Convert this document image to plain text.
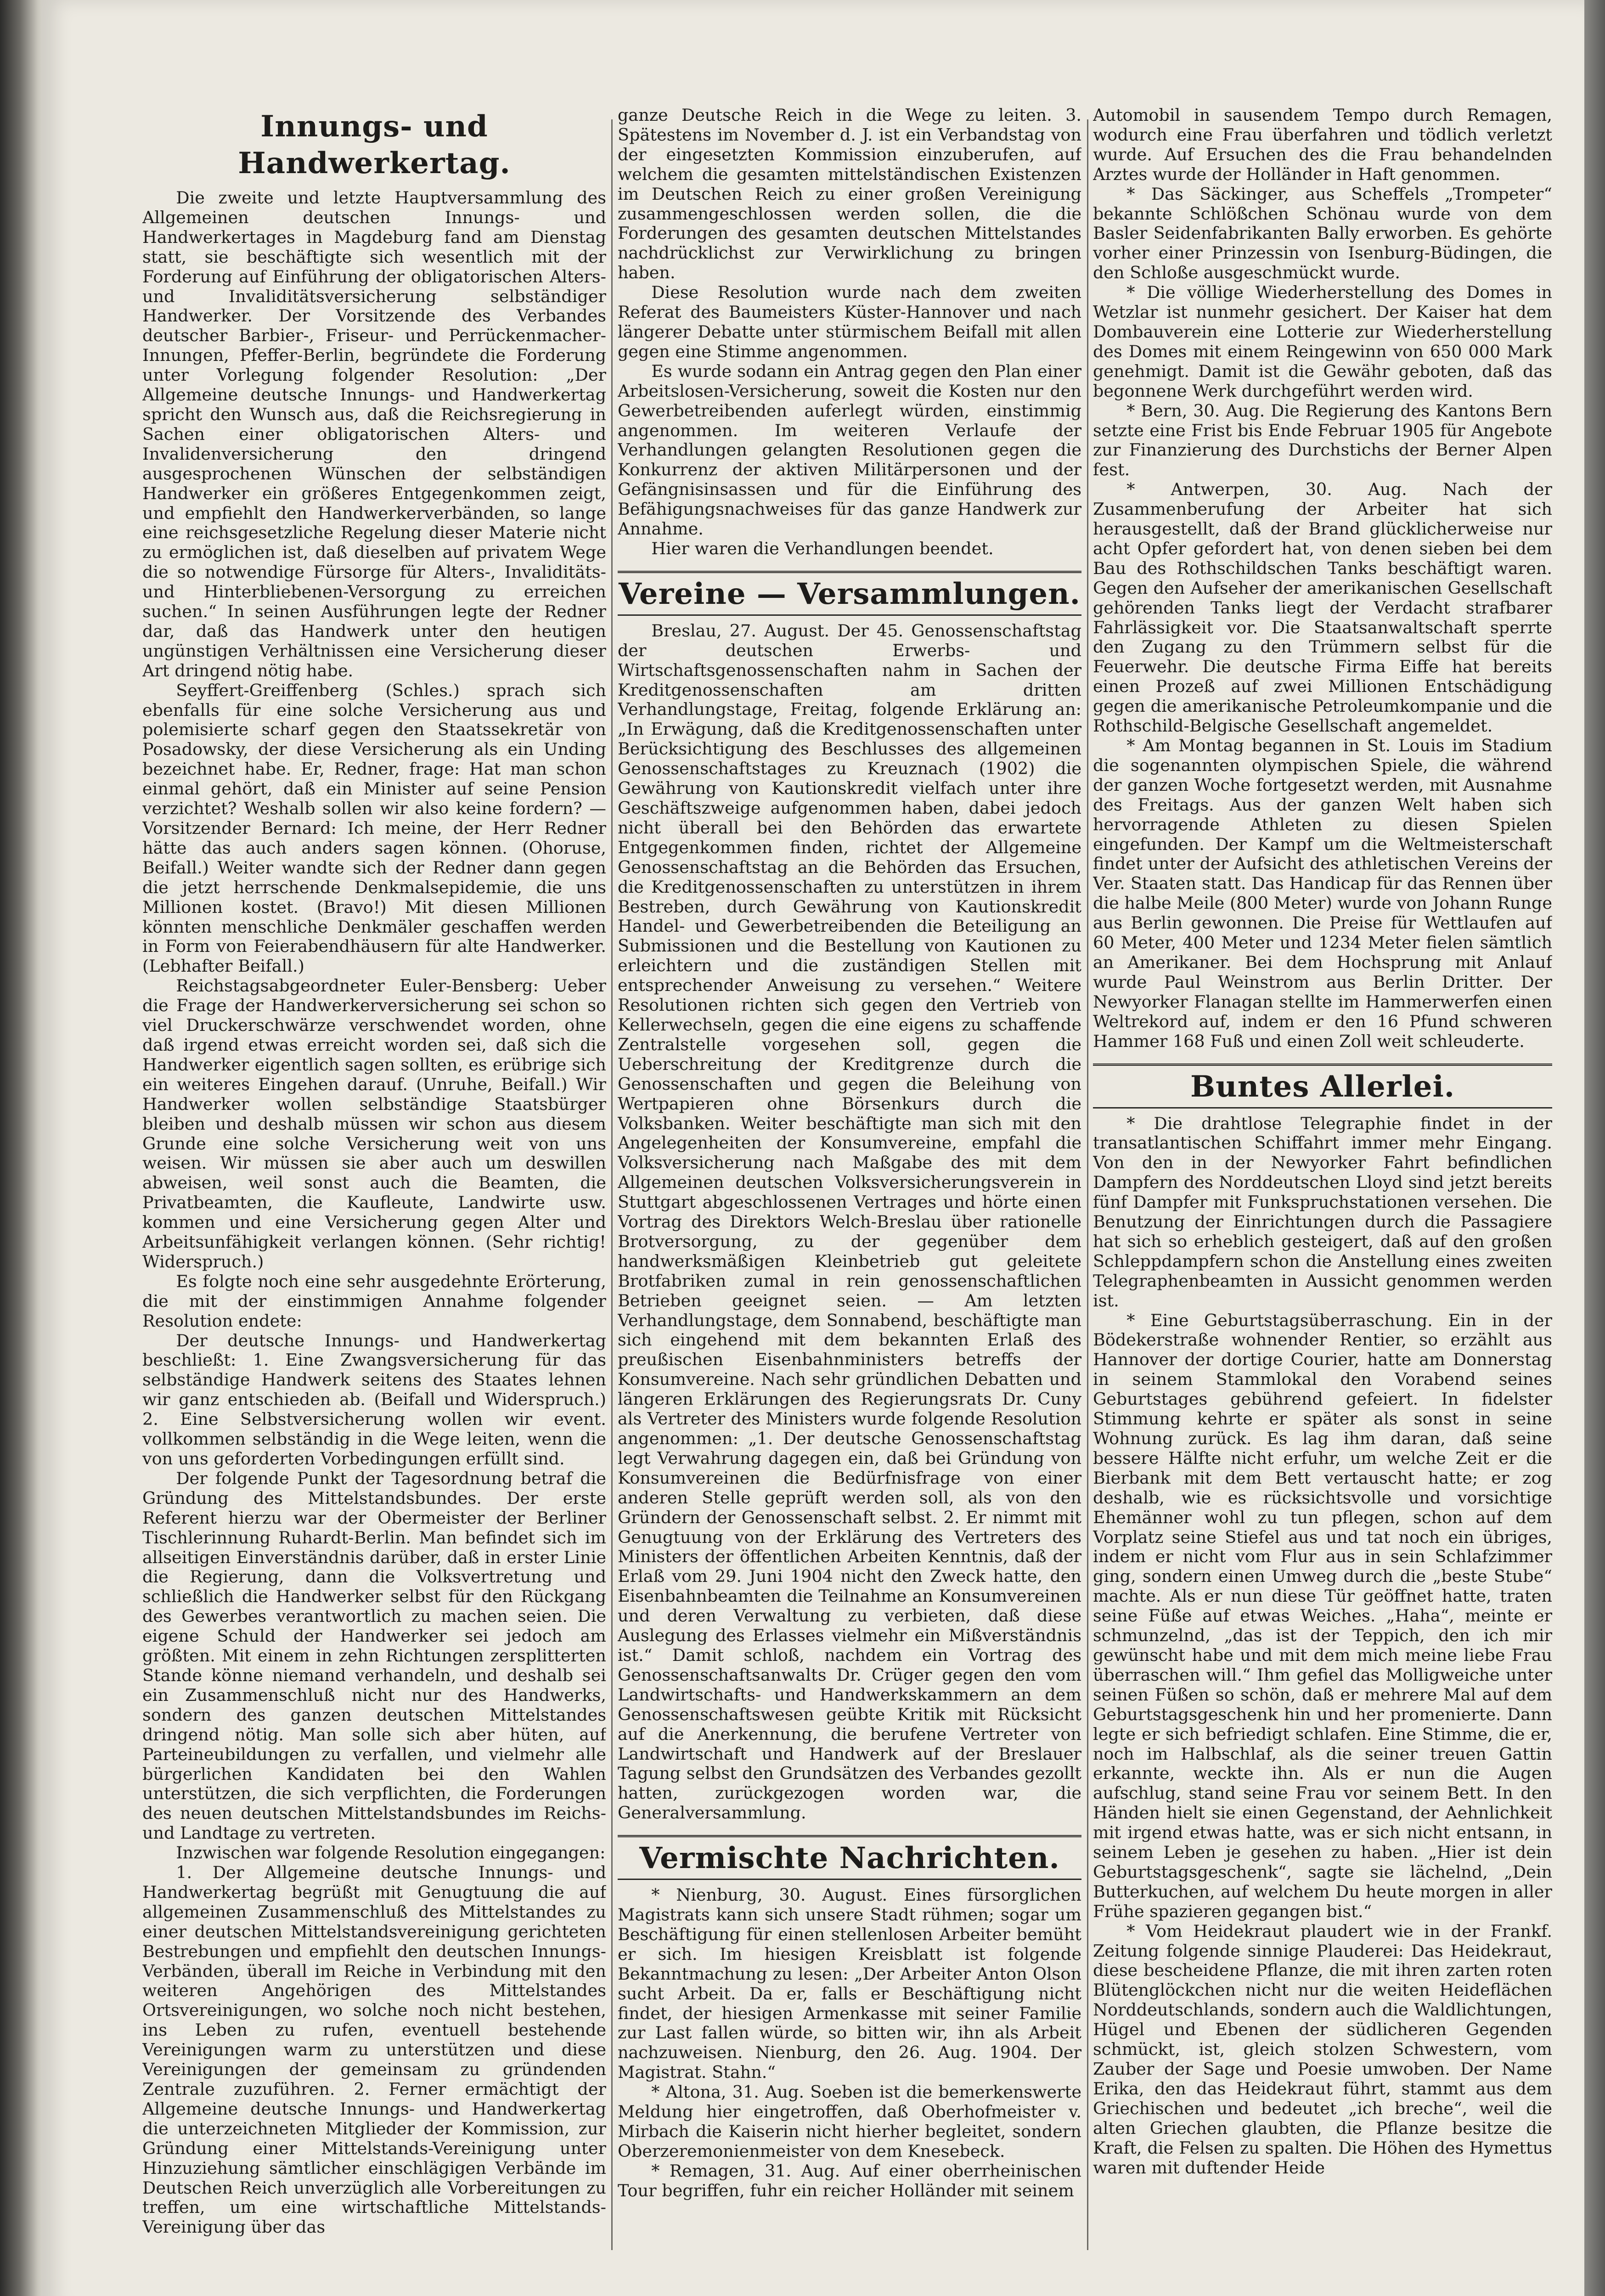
Innungs- und Handwerkertag.

Die zweite und letzte Hauptversammlung des Allgemeinen deutschen Innungs- und Handwerkertages in Magdeburg fand am Dienstag statt, sie beschäftigte sich wesentlich mit der Forderung auf Einführung der obligatorischen Alters- und Invaliditätsversicherung selbständiger Handwerker. Der Vorsitzende des Verbandes deutscher Barbier-, Friseur- und Perrückenmacher-Innungen, Pfeffer-Berlin, begründete die Forderung unter Vorlegung folgender Resolution: „Der Allgemeine deutsche Innungs- und Handwerkertag spricht den Wunsch aus, daß die Reichsregierung in Sachen einer obligatorischen Alters- und Invalidenversicherung den dringend ausgesprochenen Wünschen der selbständigen Handwerker ein größeres Entgegenkommen zeigt, und empfiehlt den Handwerkerverbänden, so lange eine reichsgesetzliche Regelung dieser Materie nicht zu ermöglichen ist, daß dieselben auf privatem Wege die so notwendige Fürsorge für Alters-, Invaliditäts- und Hinterbliebenen-Versorgung zu erreichen suchen.“ In seinen Ausführungen legte der Redner dar, daß das Handwerk unter den heutigen ungünstigen Verhältnissen eine Versicherung dieser Art dringend nötig habe.

Seyffert-Greiffenberg (Schles.) sprach sich ebenfalls für eine solche Versicherung aus und polemisierte scharf gegen den Staatssekretär von Posadowsky, der diese Versicherung als ein Unding bezeichnet habe. Er, Redner, frage: Hat man schon einmal gehört, daß ein Minister auf seine Pension verzichtet? Weshalb sollen wir also keine fordern? — Vorsitzender Bernard: Ich meine, der Herr Redner hätte das auch anders sagen können. (Ohoruse, Beifall.) Weiter wandte sich der Redner dann gegen die jetzt herrschende Denkmalsepidemie, die uns Millionen kostet. (Bravo!) Mit diesen Millionen könnten menschliche Denkmäler geschaffen werden in Form von Feierabendhäusern für alte Handwerker. (Lebhafter Beifall.)

Reichstagsabgeordneter Euler-Bensberg: Ueber die Frage der Handwerkerversicherung sei schon so viel Druckerschwärze verschwendet worden, ohne daß irgend etwas erreicht worden sei, daß sich die Handwerker eigentlich sagen sollten, es erübrige sich ein weiteres Eingehen darauf. (Unruhe, Beifall.) Wir Handwerker wollen selbständige Staatsbürger bleiben und deshalb müssen wir schon aus diesem Grunde eine solche Versicherung weit von uns weisen. Wir müssen sie aber auch um deswillen abweisen, weil sonst auch die Beamten, die Privatbeamten, die Kaufleute, Landwirte usw. kommen und eine Versicherung gegen Alter und Arbeitsunfähigkeit verlangen können. (Sehr richtig! Widerspruch.)

Es folgte noch eine sehr ausgedehnte Erörterung, die mit der einstimmigen Annahme folgender Resolution endete:

Der deutsche Innungs- und Handwerkertag beschließt: 1. Eine Zwangsversicherung für das selbständige Handwerk seitens des Staates lehnen wir ganz entschieden ab. (Beifall und Widerspruch.) 2. Eine Selbstversicherung wollen wir event. vollkommen selbständig in die Wege leiten, wenn die von uns geforderten Vorbedingungen erfüllt sind.

Der folgende Punkt der Tagesordnung betraf die Gründung des Mittelstandsbundes. Der erste Referent hierzu war der Obermeister der Berliner Tischlerinnung Ruhardt-Berlin. Man befindet sich im allseitigen Einverständnis darüber, daß in erster Linie die Regierung, dann die Volksvertretung und schließlich die Handwerker selbst für den Rückgang des Gewerbes verantwortlich zu machen seien. Die eigene Schuld der Handwerker sei jedoch am größten. Mit einem in zehn Richtungen zersplitterten Stande könne niemand verhandeln, und deshalb sei ein Zusammenschluß nicht nur des Handwerks, sondern des ganzen deutschen Mittelstandes dringend nötig. Man solle sich aber hüten, auf Parteineubildungen zu verfallen, und vielmehr alle bürgerlichen Kandidaten bei den Wahlen unterstützen, die sich verpflichten, die Forderungen des neuen deutschen Mittelstandsbundes im Reichs- und Landtage zu vertreten.

Inzwischen war folgende Resolution eingegangen:

1. Der Allgemeine deutsche Innungs- und Handwerkertag begrüßt mit Genugtuung die auf allgemeinen Zusammenschluß des Mittelstandes zu einer deutschen Mittelstandsvereinigung gerichteten Bestrebungen und empfiehlt den deutschen Innungs-Verbänden, überall im Reiche in Verbindung mit den weiteren Angehörigen des Mittelstandes Ortsvereinigungen, wo solche noch nicht bestehen, ins Leben zu rufen, eventuell bestehende Vereinigungen warm zu unterstützen und diese Vereinigungen der gemeinsam zu gründenden Zentrale zuzuführen. 2. Ferner ermächtigt der Allgemeine deutsche Innungs- und Handwerkertag die unterzeichneten Mitglieder der Kommission, zur Gründung einer Mittelstands-Vereinigung unter Hinzuziehung sämtlicher einschlägigen Verbände im Deutschen Reich unverzüglich alle Vorbereitungen zu treffen, um eine wirtschaftliche Mittelstands-Vereinigung über das

ganze Deutsche Reich in die Wege zu leiten. 3. Spätestens im November d. J. ist ein Verbandstag von der eingesetzten Kommission einzuberufen, auf welchem die gesamten mittelständischen Existenzen im Deutschen Reich zu einer großen Vereinigung zusammengeschlossen werden sollen, die die Forderungen des gesamten deutschen Mittelstandes nachdrücklichst zur Verwirklichung zu bringen haben.

Diese Resolution wurde nach dem zweiten Referat des Baumeisters Küster-Hannover und nach längerer Debatte unter stürmischem Beifall mit allen gegen eine Stimme angenommen.

Es wurde sodann ein Antrag gegen den Plan einer Arbeitslosen-Versicherung, soweit die Kosten nur den Gewerbetreibenden auferlegt würden, einstimmig angenommen. Im weiteren Verlaufe der Verhandlungen gelangten Resolutionen gegen die Konkurrenz der aktiven Militärpersonen und der Gefängnisinsassen und für die Einführung des Befähigungsnachweises für das ganze Handwerk zur Annahme.

Hier waren die Verhandlungen beendet.

Vereine — Versammlungen.

Breslau, 27. August. Der 45. Genossenschaftstag der deutschen Erwerbs- und Wirtschaftsgenossenschaften nahm in Sachen der Kreditgenossenschaften am dritten Verhandlungstage, Freitag, folgende Erklärung an: „In Erwägung, daß die Kreditgenossenschaften unter Berücksichtigung des Beschlusses des allgemeinen Genossenschaftstages zu Kreuznach (1902) die Gewährung von Kautionskredit vielfach unter ihre Geschäftszweige aufgenommen haben, dabei jedoch nicht überall bei den Behörden das erwartete Entgegenkommen finden, richtet der Allgemeine Genossenschaftstag an die Behörden das Ersuchen, die Kreditgenossenschaften zu unterstützen in ihrem Bestreben, durch Gewährung von Kautionskredit Handel- und Gewerbetreibenden die Beteiligung an Submissionen und die Bestellung von Kautionen zu erleichtern und die zuständigen Stellen mit entsprechender Anweisung zu versehen.“ Weitere Resolutionen richten sich gegen den Vertrieb von Kellerwechseln, gegen die eine eigens zu schaffende Zentralstelle vorgesehen soll, gegen die Ueberschreitung der Kreditgrenze durch die Genossenschaften und gegen die Beleihung von Wertpapieren ohne Börsenkurs durch die Volksbanken. Weiter beschäftigte man sich mit den Angelegenheiten der Konsumvereine, empfahl die Volksversicherung nach Maßgabe des mit dem Allgemeinen deutschen Volksversicherungsverein in Stuttgart abgeschlossenen Vertrages und hörte einen Vortrag des Direktors Welch-Breslau über rationelle Brotversorgung, zu der gegenüber dem handwerksmäßigen Kleinbetrieb gut geleitete Brotfabriken zumal in rein genossenschaftlichen Betrieben geeignet seien. — Am letzten Verhandlungstage, dem Sonnabend, beschäftigte man sich eingehend mit dem bekannten Erlaß des preußischen Eisenbahnministers betreffs der Konsumvereine. Nach sehr gründlichen Debatten und längeren Erklärungen des Regierungsrats Dr. Cuny als Vertreter des Ministers wurde folgende Resolution angenommen: „1. Der deutsche Genossenschaftstag legt Verwahrung dagegen ein, daß bei Gründung von Konsumvereinen die Bedürfnisfrage von einer anderen Stelle geprüft werden soll, als von den Gründern der Genossenschaft selbst. 2. Er nimmt mit Genugtuung von der Erklärung des Vertreters des Ministers der öffentlichen Arbeiten Kenntnis, daß der Erlaß vom 29. Juni 1904 nicht den Zweck hatte, den Eisenbahnbeamten die Teilnahme an Konsumvereinen und deren Verwaltung zu verbieten, daß diese Auslegung des Erlasses vielmehr ein Mißverständnis ist.“ Damit schloß, nachdem ein Vortrag des Genossenschaftsanwalts Dr. Crüger gegen den vom Landwirtschafts- und Handwerkskammern an dem Genossenschaftswesen geübte Kritik mit Rücksicht auf die Anerkennung, die berufene Vertreter von Landwirtschaft und Handwerk auf der Breslauer Tagung selbst den Grundsätzen des Verbandes gezollt hatten, zurückgezogen worden war, die Generalversammlung.

Vermischte Nachrichten.

* Nienburg, 30. August. Eines fürsorglichen Magistrats kann sich unsere Stadt rühmen; sogar um Beschäftigung für einen stellenlosen Arbeiter bemüht er sich. Im hiesigen Kreisblatt ist folgende Bekanntmachung zu lesen: „Der Arbeiter Anton Olson sucht Arbeit. Da er, falls er Beschäftigung nicht findet, der hiesigen Armenkasse mit seiner Familie zur Last fallen würde, so bitten wir, ihn als Arbeit nachzuweisen. Nienburg, den 26. Aug. 1904. Der Magistrat. Stahn.“

* Altona, 31. Aug. Soeben ist die bemerkenswerte Meldung hier eingetroffen, daß Oberhofmeister v. Mirbach die Kaiserin nicht hierher begleitet, sondern Oberzeremonienmeister von dem Knesebeck.

* Remagen, 31. Aug. Auf einer oberrheinischen Tour begriffen, fuhr ein reicher Holländer mit seinem

Automobil in sausendem Tempo durch Remagen, wodurch eine Frau überfahren und tödlich verletzt wurde. Auf Ersuchen des die Frau behandelnden Arztes wurde der Holländer in Haft genommen.

* Das Säckinger, aus Scheffels „Trompeter“ bekannte Schlößchen Schönau wurde von dem Basler Seidenfabrikanten Bally erworben. Es gehörte vorher einer Prinzessin von Isenburg-Büdingen, die den Schloße ausgeschmückt wurde.

* Die völlige Wiederherstellung des Domes in Wetzlar ist nunmehr gesichert. Der Kaiser hat dem Dombauverein eine Lotterie zur Wiederherstellung des Domes mit einem Reingewinn von 650 000 Mark genehmigt. Damit ist die Gewähr geboten, daß das begonnene Werk durchgeführt werden wird.

* Bern, 30. Aug. Die Regierung des Kantons Bern setzte eine Frist bis Ende Februar 1905 für Angebote zur Finanzierung des Durchstichs der Berner Alpen fest.

* Antwerpen, 30. Aug. Nach der Zusammenberufung der Arbeiter hat sich herausgestellt, daß der Brand glücklicherweise nur acht Opfer gefordert hat, von denen sieben bei dem Bau des Rothschildschen Tanks beschäftigt waren. Gegen den Aufseher der amerikanischen Gesellschaft gehörenden Tanks liegt der Verdacht strafbarer Fahrlässigkeit vor. Die Staatsanwaltschaft sperrte den Zugang zu den Trümmern selbst für die Feuerwehr. Die deutsche Firma Eiffe hat bereits einen Prozeß auf zwei Millionen Entschädigung gegen die amerikanische Petroleumkompanie und die Rothschild-Belgische Gesellschaft angemeldet.

* Am Montag begannen in St. Louis im Stadium die sogenannten olympischen Spiele, die während der ganzen Woche fortgesetzt werden, mit Ausnahme des Freitags. Aus der ganzen Welt haben sich hervorragende Athleten zu diesen Spielen eingefunden. Der Kampf um die Weltmeisterschaft findet unter der Aufsicht des athletischen Vereins der Ver. Staaten statt. Das Handicap für das Rennen über die halbe Meile (800 Meter) wurde von Johann Runge aus Berlin gewonnen. Die Preise für Wettlaufen auf 60 Meter, 400 Meter und 1234 Meter fielen sämtlich an Amerikaner. Bei dem Hochsprung mit Anlauf wurde Paul Weinstrom aus Berlin Dritter. Der Newyorker Flanagan stellte im Hammerwerfen einen Weltrekord auf, indem er den 16 Pfund schweren Hammer 168 Fuß und einen Zoll weit schleuderte.

Buntes Allerlei.

* Die drahtlose Telegraphie findet in der transatlantischen Schiffahrt immer mehr Eingang. Von den in der Newyorker Fahrt befindlichen Dampfern des Norddeutschen Lloyd sind jetzt bereits fünf Dampfer mit Funkspruchstationen versehen. Die Benutzung der Einrichtungen durch die Passagiere hat sich so erheblich gesteigert, daß auf den großen Schleppdampfern schon die Anstellung eines zweiten Telegraphenbeamten in Aussicht genommen werden ist.

* Eine Geburtstagsüberraschung. Ein in der Bödekerstraße wohnender Rentier, so erzählt aus Hannover der dortige Courier, hatte am Donnerstag in seinem Stammlokal den Vorabend seines Geburtstages gebührend gefeiert. In fidelster Stimmung kehrte er später als sonst in seine Wohnung zurück. Es lag ihm daran, daß seine bessere Hälfte nicht erfuhr, um welche Zeit er die Bierbank mit dem Bett vertauscht hatte; er zog deshalb, wie es rücksichtsvolle und vorsichtige Ehemänner wohl zu tun pflegen, schon auf dem Vorplatz seine Stiefel aus und tat noch ein übriges, indem er nicht vom Flur aus in sein Schlafzimmer ging, sondern einen Umweg durch die „beste Stube“ machte. Als er nun diese Tür geöffnet hatte, traten seine Füße auf etwas Weiches. „Haha“, meinte er schmunzelnd, „das ist der Teppich, den ich mir gewünscht habe und mit dem mich meine liebe Frau überraschen will.“ Ihm gefiel das Molligweiche unter seinen Füßen so schön, daß er mehrere Mal auf dem Geburtstagsgeschenk hin und her promenierte. Dann legte er sich befriedigt schlafen. Eine Stimme, die er, noch im Halbschlaf, als die seiner treuen Gattin erkannte, weckte ihn. Als er nun die Augen aufschlug, stand seine Frau vor seinem Bett. In den Händen hielt sie einen Gegenstand, der Aehnlichkeit mit irgend etwas hatte, was er sich nicht entsann, in seinem Leben je gesehen zu haben. „Hier ist dein Geburtstagsgeschenk“, sagte sie lächelnd, „Dein Butterkuchen, auf welchem Du heute morgen in aller Frühe spazieren gegangen bist.“

* Vom Heidekraut plaudert wie in der Frankf. Zeitung folgende sinnige Plauderei: Das Heidekraut, diese bescheidene Pflanze, die mit ihren zarten roten Blütenglöckchen nicht nur die weiten Heideflächen Norddeutschlands, sondern auch die Waldlichtungen, Hügel und Ebenen der südlicheren Gegenden schmückt, ist, gleich stolzen Schwestern, vom Zauber der Sage und Poesie umwoben. Der Name Erika, den das Heidekraut führt, stammt aus dem Griechischen und bedeutet „ich breche“, weil die alten Griechen glaubten, die Pflanze besitze die Kraft, die Felsen zu spalten. Die Höhen des Hymettus waren mit duftender Heide
